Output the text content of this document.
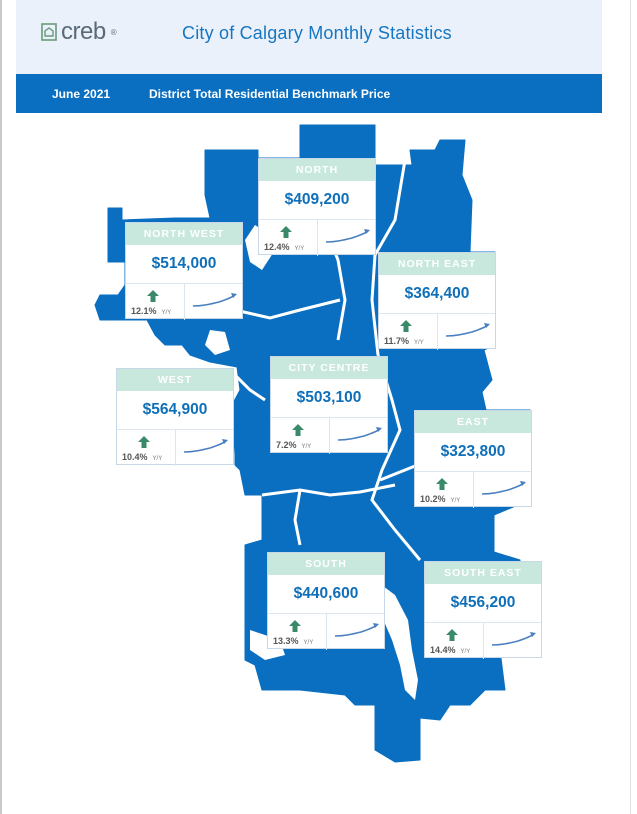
creb ®	City of Calgary Monthly Statistics
June 2021	District Total Residential Benchmark Price
NORTH
$409,200
12.4% Y/Y
NORTH WEST
$514,000
12.1% Y/Y
NORTH EAST
$364,400
11.7% Y/Y
WEST
$564,900
10.4% Y/Y
CITY CENTRE
$503,100
7.2% Y/Y
EAST
$323,800
10.2% Y/Y
SOUTH
$440,600
13.3% Y/Y
SOUTH EAST
$456,200
14.4% Y/Y
